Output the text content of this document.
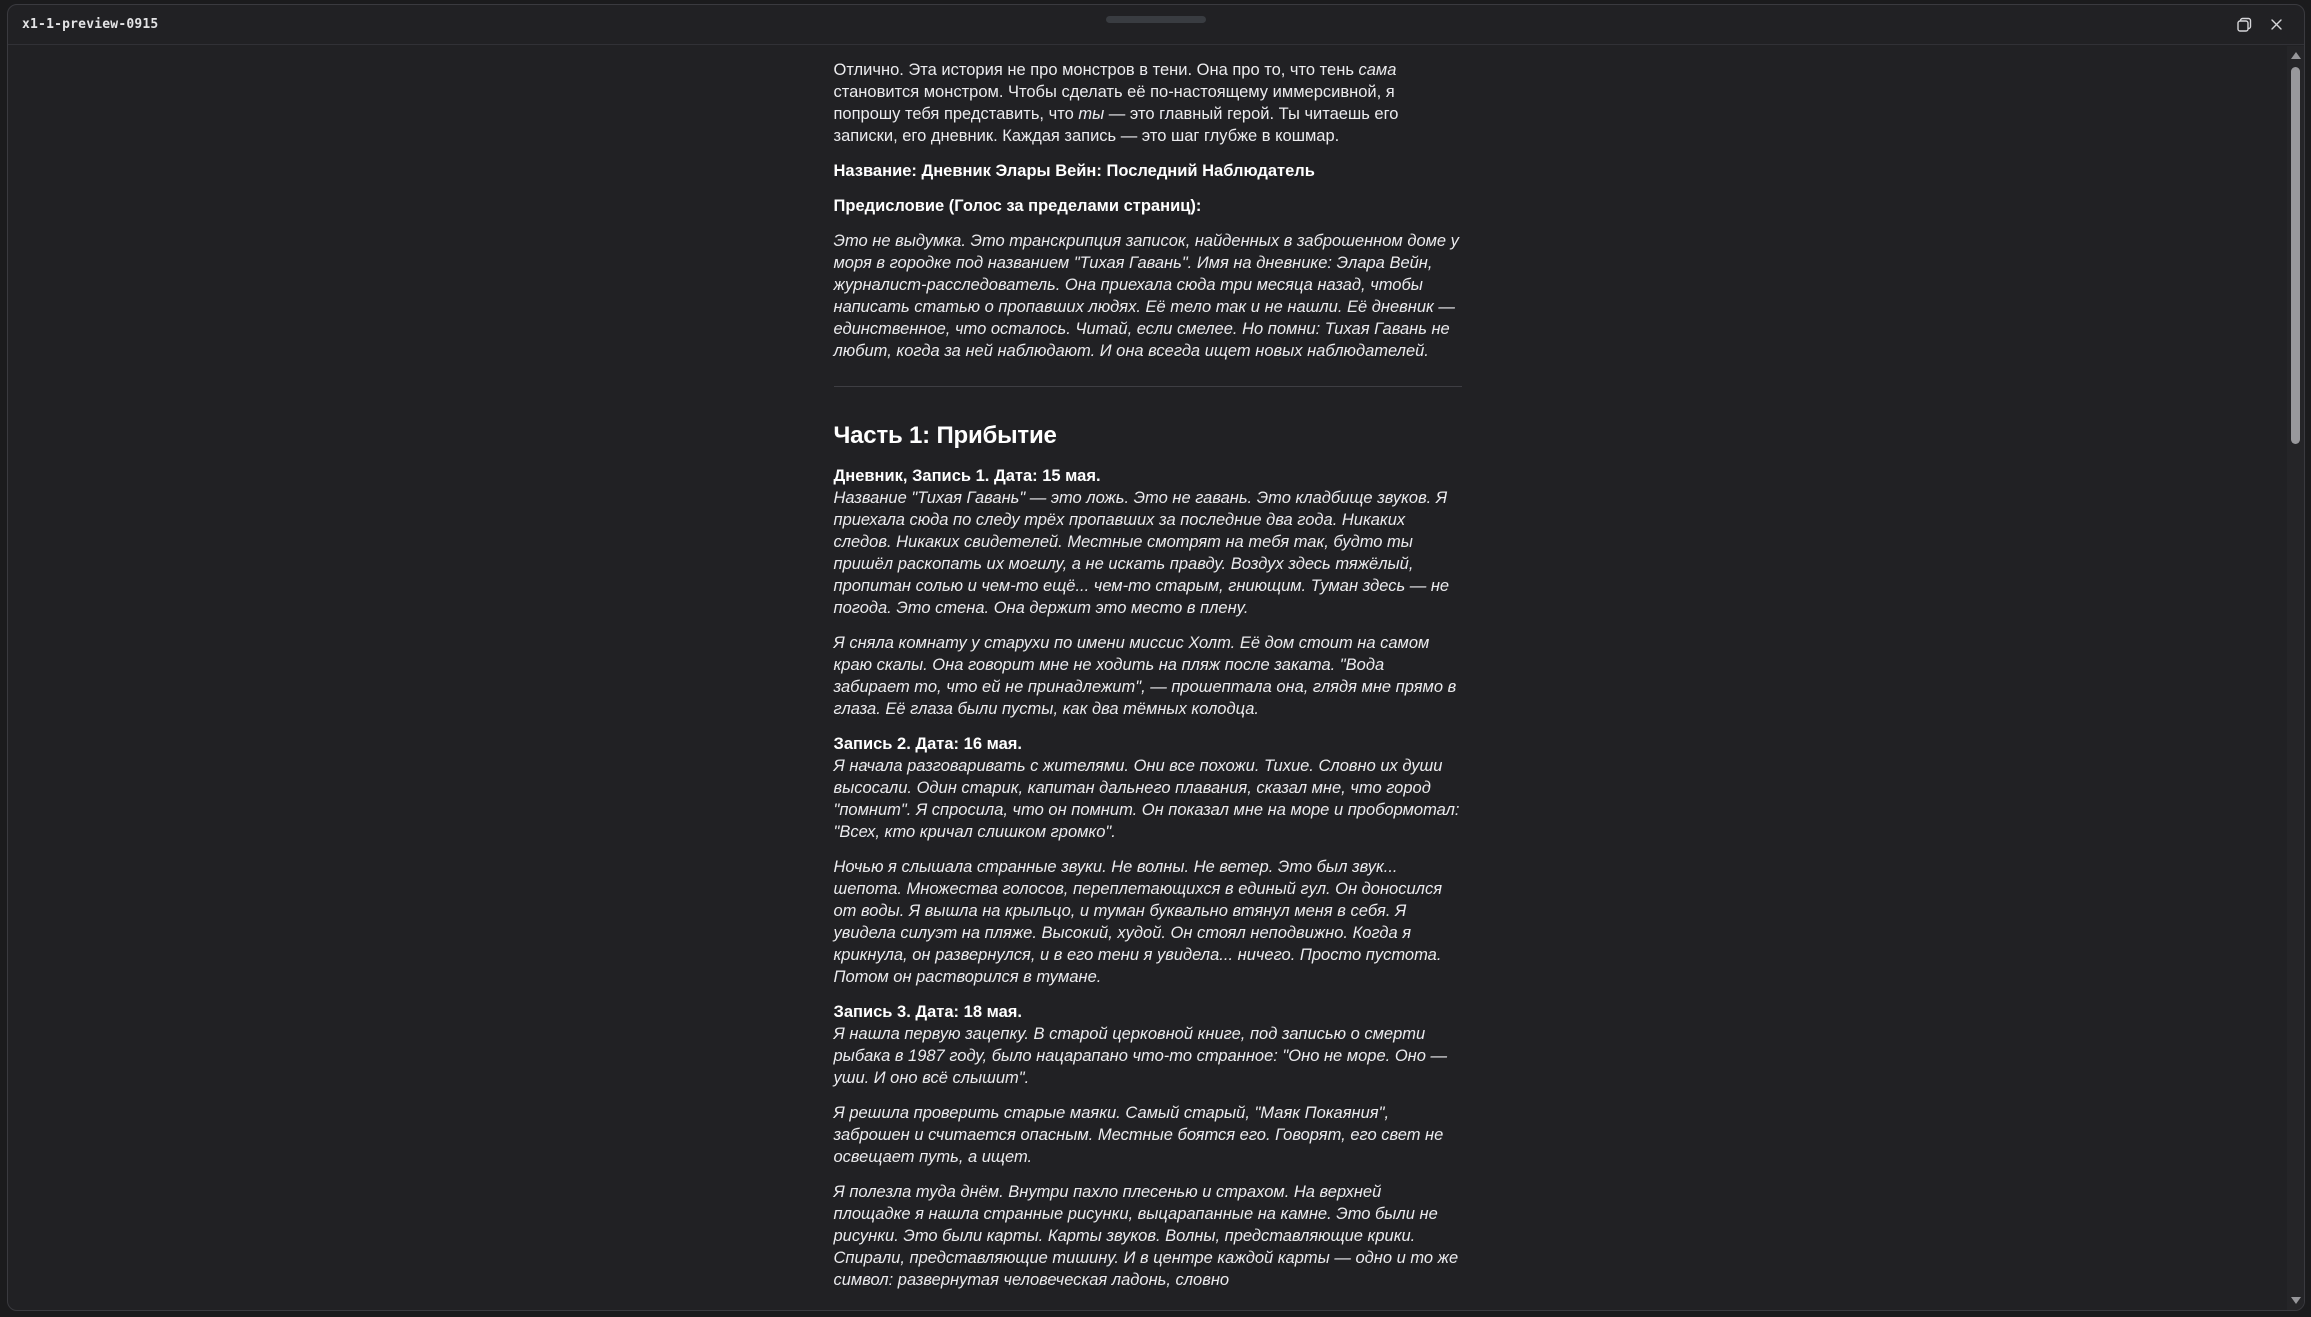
x1-1-preview-0915

Отлично. Эта история не про монстров в тени. Она про то, что тень сама становится монстром. Чтобы сделать её по-настоящему иммерсивной, я попрошу тебя представить, что ты — это главный герой. Ты читаешь его записки, его дневник. Каждая запись — это шаг глубже в кошмар.

Название: Дневник Элары Вейн: Последний Наблюдатель

Предисловие (Голос за пределами страниц):

Это не выдумка. Это транскрипция записок, найденных в заброшенном доме у моря в городке под названием "Тихая Гавань". Имя на дневнике: Элара Вейн, журналист-расследователь. Она приехала сюда три месяца назад, чтобы написать статью о пропавших людях. Её тело так и не нашли. Её дневник — единственное, что осталось. Читай, если смелее. Но помни: Тихая Гавань не любит, когда за ней наблюдают. И она всегда ищет новых наблюдателей.

Часть 1: Прибытие

Дневник, Запись 1. Дата: 15 мая.
Название "Тихая Гавань" — это ложь. Это не гавань. Это кладбище звуков. Я приехала сюда по следу трёх пропавших за последние два года. Никаких следов. Никаких свидетелей. Местные смотрят на тебя так, будто ты пришёл раскопать их могилу, а не искать правду. Воздух здесь тяжёлый, пропитан солью и чем-то ещё... чем-то старым, гниющим. Туман здесь — не погода. Это стена. Она держит это место в плену.

Я сняла комнату у старухи по имени миссис Холт. Её дом стоит на самом краю скалы. Она говорит мне не ходить на пляж после заката. "Вода забирает то, что ей не принадлежит", — прошептала она, глядя мне прямо в глаза. Её глаза были пусты, как два тёмных колодца.

Запись 2. Дата: 16 мая.
Я начала разговаривать с жителями. Они все похожи. Тихие. Словно их души высосали. Один старик, капитан дальнего плавания, сказал мне, что город "помнит". Я спросила, что он помнит. Он показал мне на море и пробормотал: "Всех, кто кричал слишком громко".

Ночью я слышала странные звуки. Не волны. Не ветер. Это был звук... шепота. Множества голосов, переплетающихся в единый гул. Он доносился от воды. Я вышла на крыльцо, и туман буквально втянул меня в себя. Я увидела силуэт на пляже. Высокий, худой. Он стоял неподвижно. Когда я крикнула, он развернулся, и в его тени я увидела... ничего. Просто пустота. Потом он растворился в тумане.

Запись 3. Дата: 18 мая.
Я нашла первую зацепку. В старой церковной книге, под записью о смерти рыбака в 1987 году, было нацарапано что-то странное: "Оно не море. Оно — уши. И оно всё слышит".

Я решила проверить старые маяки. Самый старый, "Маяк Покаяния", заброшен и считается опасным. Местные боятся его. Говорят, его свет не освещает путь, а ищет.

Я полезла туда днём. Внутри пахло плесенью и страхом. На верхней площадке я нашла странные рисунки, выцарапанные на камне. Это были не рисунки. Это были карты. Карты звуков. Волны, представляющие крики. Спирали, представляющие тишину. И в центре каждой карты — одно и то же символ: развернутая человеческая ладонь, словно
